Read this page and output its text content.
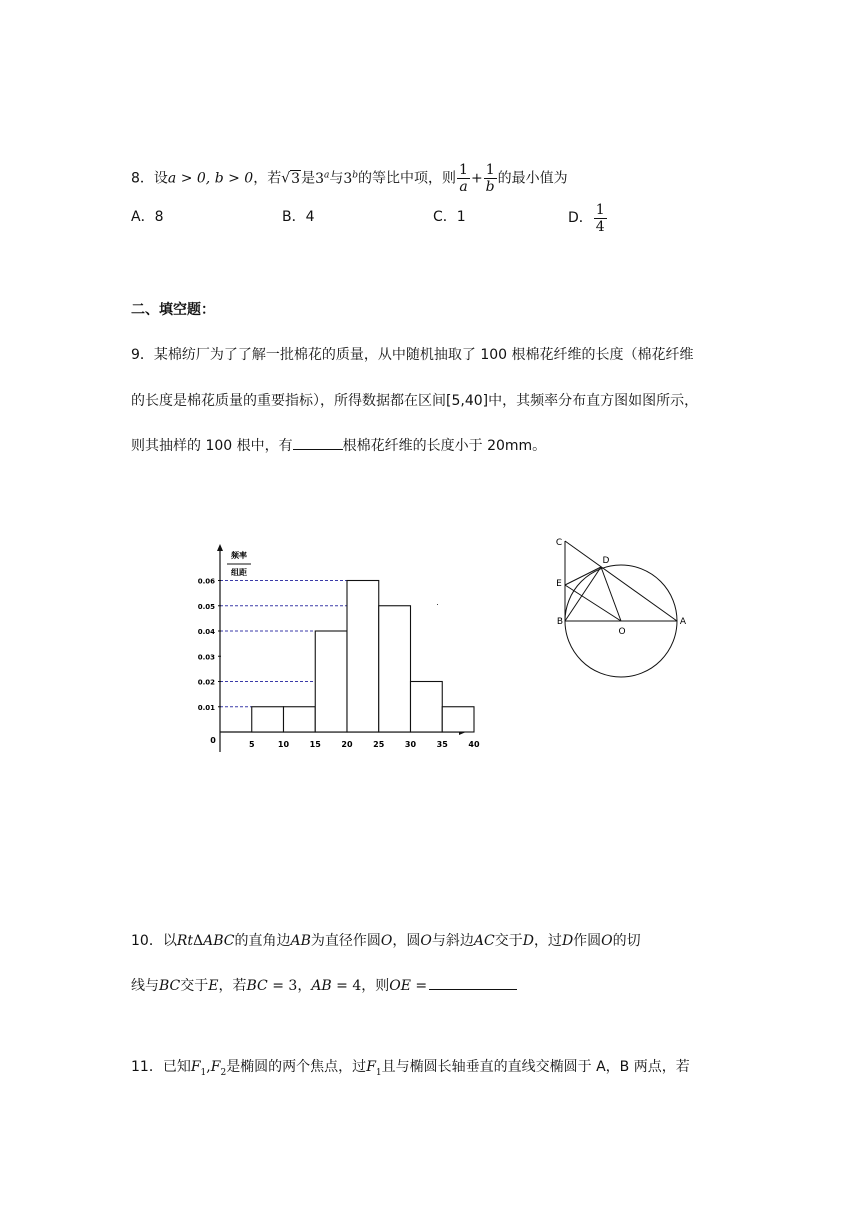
8．设a > 0, b > 0，若√3是3$^a$与3$^b$的等比中项，则 $\frac{1}{a} + \frac{1}{b}$ 的最小值为
A．8	B．4	C．1	D． $\frac{1}{4}$
二、填空题：
9．某棉纺厂为了了解一批棉花的质量，从中随机抽取了 100 根棉花纤维的长度（棉花纤维
的长度是棉花质量的重要指标），所得数据都在区间[5,40]中，其频率分布直方图如图所示，
则其抽样的 100 根中，有	根棉花纤维的长度小于 20mm。
频率
组距
0
0.01
0.02
0.03
0.04
0.05
0.06
5	10	15	20	25	30	35	40
C
D
E
B
O
A
10．以RtΔABC的直角边AB为直径作圆O，圆O与斜边AC交于D，过D作圆O的切
线与BC交于E，若BC = 3，AB = 4，则OE =
11．已知$F_1,F_2$是椭圆的两个焦点，过$F_1$且与椭圆长轴垂直的直线交椭圆于 A，B 两点，若
